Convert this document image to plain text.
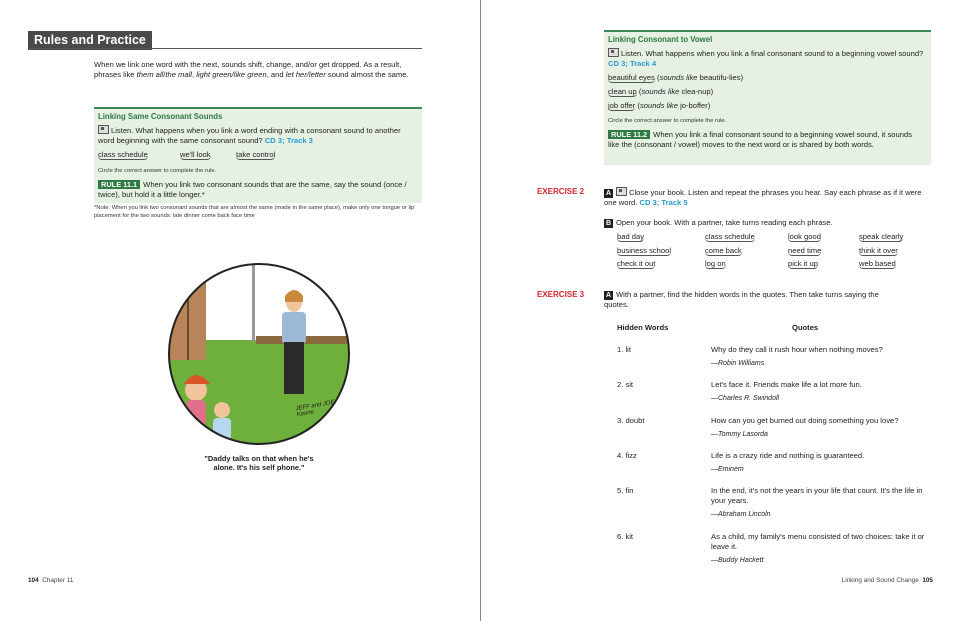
Rules and Practice
When we link one word with the next, sounds shift, change, and/or get dropped. As a result, phrases like them all/the mall, light green/like green, and let her/letter sound almost the same.
Linking Same Consonant Sounds
Listen. What happens when you link a word ending with a consonant sound to another word beginning with the same consonant sound? CD 3; Track 3
class schedule	we'll look	take control
Circle the correct answer to complete the rule.
RULE 11.1 When you link two consonant sounds that are the same, say the sound (once / twice), but hold it a little longer.*
*Note: When you link two consonant sounds that are almost the same (made in the same place), make only one tongue or lip placement for the two sounds: late dinner come back face time
JEFF and JOE Keane
"Daddy talks on that when he's
alone. It's his self phone."
104 Chapter 11
Linking Consonant to Vowel
Listen. What happens when you link a final consonant sound to a beginning vowel sound? CD 3; Track 4
beautiful eyes (sounds like beautifu-lies)
clean up (sounds like clea-nup)
job offer (sounds like jo-boffer)
Circle the correct answer to complete the rule.
RULE 11.2 When you link a final consonant sound to a beginning vowel sound, it sounds like the (consonant / vowel) moves to the next word or is shared by both words.
EXERCISE 2	A Close your book. Listen and repeat the phrases you hear. Say each phrase as if it were one word. CD 3; Track 5
B Open your book. With a partner, take turns reading each phrase.
bad day	class schedule	look good	speak clearly
business school	come back	need time	think it over
check it out	log on	pick it up	web based
EXERCISE 3	A With a partner, find the hidden words in the quotes. Then take turns saying the quotes.
Hidden Words	Quotes
1. lit	Why do they call it rush hour when nothing moves?
—Robin Williams
2. sit	Let's face it. Friends make life a lot more fun.
—Charles R. Swindoll
3. doubt	How can you get burned out doing something you love?
—Tommy Lasorda
4. fizz	Life is a crazy ride and nothing is guaranteed.
—Eminem
5. fin	In the end, it's not the years in your life that count. It's the life in your years.
—Abraham Lincoln
6. kit	As a child, my family's menu consisted of two choices: take it or leave it.
—Buddy Hackett
Linking and Sound Change 105
